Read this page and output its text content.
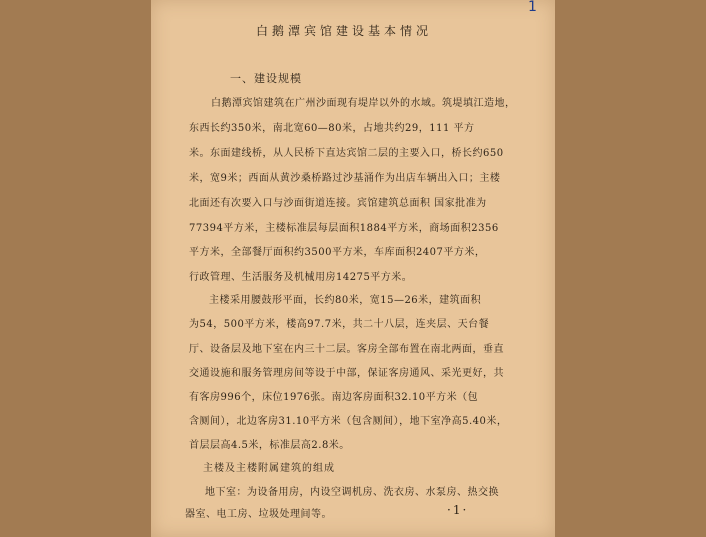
白鹅潭宾馆建设基本情况
一、建设规模
白鹅潭宾馆建筑在广州沙面现有堤岸以外的水域。筑堤填江造地，
东西长约350米，南北宽60—80米，占地共约29，111 平方
米。东面建线桥，从人民桥下直达宾馆二层的主要入口，桥长约650
米，宽9米；西面从黄沙桑桥路过沙基涌作为出店车辆出入口；主楼
北面还有次要入口与沙面街道连接。宾馆建筑总面积 国家批准为
77394平方米，主楼标准层每层面积1884平方米，商场面积2356
平方米，全部餐厅面积约3500平方米，车库面积2407平方米，
行政管理、生活服务及机械用房14275平方米。
主楼采用腰鼓形平面，长约80米，宽15—26米，建筑面积
为54，500平方米，楼高97.7米，共二十八层，连夹层、天台餐
厅、设备层及地下室在内三十二层。客房全部布置在南北两面，垂直
交通设施和服务管理房间等设于中部，保证客房通风、采光更好，共
有客房996个，床位1976张。南边客房面积32.10平方米（包
含厕间），北边客房31.10平方米（包含厕间），地下室净高5.40米，
首层层高4.5米，标准层高2.8米。
主楼及主楼附属建筑的组成
地下室：为设备用房，内设空调机房、洗衣房、水泵房、热交换
器室、电工房、垃圾处理间等。	·1·
1
